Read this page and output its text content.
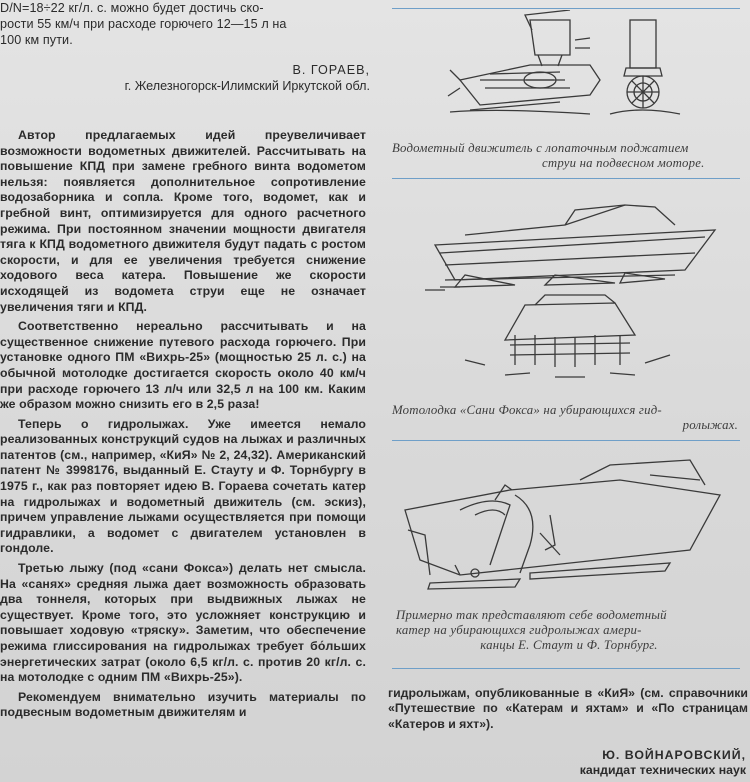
D/N=18÷22 кг/л. с. можно будет достичь ско-

рости 55 км/ч при расходе горючего 12—15 л на

100 км пути.

В. ГОРАЕВ,
г. Железногорск-Илимский Иркутской обл.

Автор предлагаемых идей преувеличивает возможности водометных движителей. Рассчитывать на повышение КПД при замене гребного винта водометом нельзя: появляется дополнительное сопротивление водозаборника и сопла. Кроме того, водомет, как и гребной винт, оптимизируется для одного расчетного режима. При постоянном значении мощности двигателя тяга к КПД водометного движителя будут падать с ростом скорости, и для ее увеличения требуется снижение ходового веса катера. Повышение же скорости исходящей из водомета струи еще не означает увеличения тяги и КПД.

Соответственно нереально рассчитывать и на существенное снижение путевого расхода горючего. При установке одного ПМ «Вихрь-25» (мощностью 25 л. с.) на обычной мотолодке достигается скорость около 40 км/ч при расходе горючего 13 л/ч или 32,5 л на 100 км. Каким же образом можно снизить его в 2,5 раза!

Теперь о гидролыжах. Уже имеется немало реализованных конструкций судов на лыжах и различных патентов (см., например, «КиЯ» № 2, 24,32). Американский патент № 3998176, выданный Е. Стауту и Ф. Торнбургу в 1975 г., как раз повторяет идею В. Гораева сочетать катер на гидролыжах и водометный движитель (см. эскиз), причем управление лыжами осуществляется при помощи гидравлики, а водомет с двигателем установлен в гондоле.

Третью лыжу (под «сани Фокса») делать нет смысла. На «санях» средняя лыжа дает возможность образовать два тоннеля, которых при выдвижных лыжах не существует. Кроме того, это усложняет конструкцию и повышает ходовую «тряску». Заметим, что обеспечение режима глиссирования на гидролыжах требует бо́льших энергетических затрат (около 6,5 кг/л. с. против 20 кг/л. с. на мотолодке с одним ПМ «Вихрь-25»).

Рекомендуем внимательно изучить материалы по подвесным водометным движителям и

Водометный движитель с лопаточным поджатием
струи на подвесном моторе.
Мотолодка «Сани Фокса» на убирающихся гид-
ролыжах.
Примерно так представляют себе водометный
катер на убирающихся гидролыжах амери-
канцы Е. Стаут и Ф. Торнбург.

гидролыжам, опубликованные в «КиЯ» (см. справочники «Путешествие по «Катерам и яхтам» и «По страницам «Катеров и яхт»).

Ю. ВОЙНАРОВСКИЙ,
кандидат технических наук
